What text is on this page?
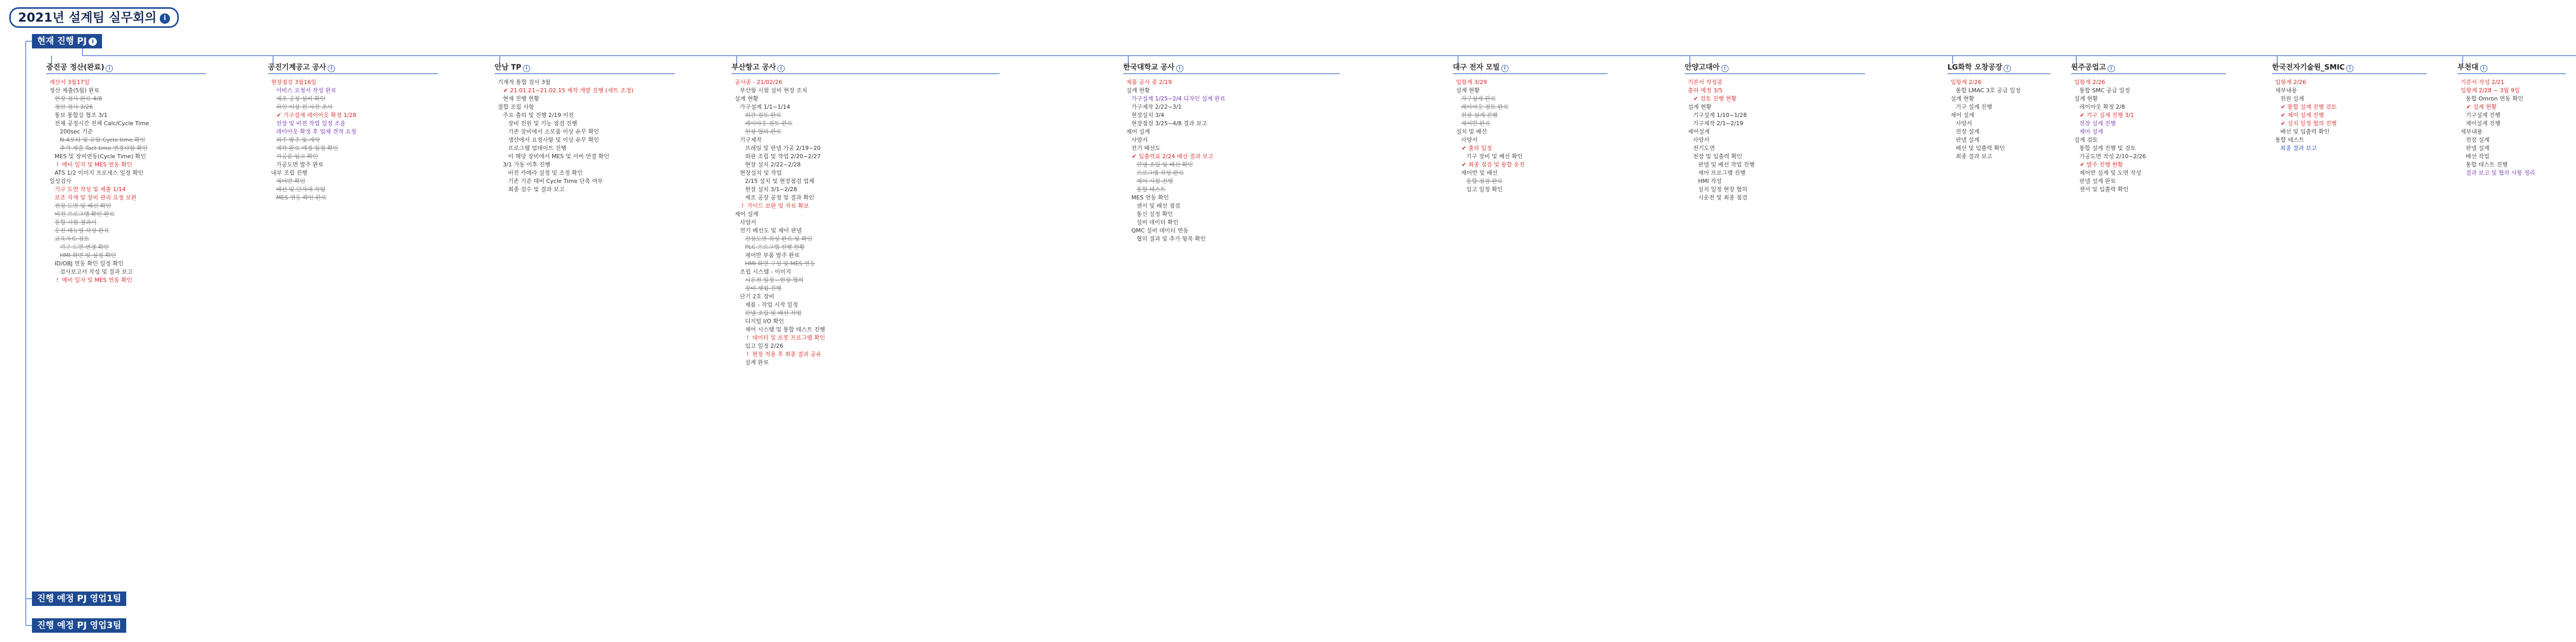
2021년 설계팀 실무회의 i
현재 진행 PJ i
중진공 정산(완료) i
계산서 3월17일
정산 제출(5월) 완료
현장 검사 완료 4/8
정산 검사 3/26
통보 통합실 협조 3/1
전체 공정시간 전체 Calc/Cycle Time
200sec 기준
N-4모터 및 유압 Cycle time 확인
추가 제출 Tact time 변경사항 확인
MES 및 장비연동(Cycle Time) 확인
! 예비 일자 및 MES 연동 확인
ATS 1/2 이미지 프로세스 일정 확인
일상검사
기구 도면 작성 및 제출 1/14
보조 자재 및 장비 관리 요청 보완
전장 도면 및 배선 확인
비전 프로그램 확인 완료
통합 시험 결과서
운전 매뉴얼 작성 완료
교육자료 검토
기구 도면 변경 확인
HMI 화면 및 설정 확인
ID/OBJ 연동 확인 일정 확인
검사보고서 작성 및 결과 보고
! 예비 일자 및 MES 연동 확인
공진기계공고 공사 i
현장점검 3월16일
서비스 요청서 작성 완료
제조 공정 설비 확인
라인 이설 전 사전 조사
✔ 기구설계 레이아웃 확정 1/28
전장 및 비전 작업 일정 조율
레이아웃 확정 후 업체 견적 요청
외주 발주 및 계약
제작 완료 예정 일정 확인
가공품 입고 확인
가공도면 발주 완료
내부 조립 진행
제어반 확인
배선 및 단자대 작업
MES 연동 확인 완료
안남 TP i
기계적 통합 검사 3월
✔ 21.01.21~21.02.15 제작 개발 진행 (세트 조정)
현재 진행 현황
결합 조립 사항
주요 출하 및 진행 2/19 이전
장비 전원 및 기능 점검 진행
기존 장비에서 소모품 이상 유무 확인
생산에서 요청사항 및 이상 유무 확인
프로그램 업데이트 진행
이 해당 장비에서 MES 및 서버 연결 확인
3/1 가동 이후 진행
비전 카메라 설정 및 조정 확인
기존 기준 대비 Cycle Time 단축 여부
최종 검수 및 결과 보고
부산항고 공사 i
공사중 - 21/02/26
부산항 시험 설비 현장 조치
설계 현황
가구설계 1/1~1/14
외관 검토 완료
레이아웃 검토 완료
현장 협의 완료
기구제작
프레임 및 판넬 가공 2/19~20
외관 조립 및 작업 2/20~2/27
현장 설치 2/22~2/28
현장설치 및 작업
2/15 설치 및 현장점검 업체
현장 설치 3/1~2/28
제조 공장 공정 및 결과 확인
! 가이드 보완 및 자료 확보
제어 설계
사양서
전기 배선도 및 제어 판넬
전장도면 작성 완료 및 확인
PLC 프로그램 진행 현황
제어반 부품 발주 완료
HMI 화면 구성 및 MES 연동
조립 시스템 - 이미지
시운전 일정 - 현장 협의
장비 셋업 진행
단기 2호 장비
제품 - 작업 시작 일정
판넬 조립 및 배선 작업
디지털 I/O 확인
제어 시스템 및 통합 테스트 진행
! 데이터 및 로봇 프로그램 확인
입고 일정 2/26
! 현장 적용 후 최종 결과 공유
설계 완료
한국대학교 공사 i
제품 공사 중 2/19
설계 현황
가구설계 1/25~2/4 디자인 설계 완료
가구제작 2/22~3/1
현장설치 3/4
현장점검 3/25~4/8 결과 보고
제어 설계
사양서
전기 배선도
✔ 입출력표 2/24 배선 결과 보고
판넬 조립 및 배선 확인
프로그램 작성 완료
제어 시험 진행
통합 테스트
MES 연동 확인
센서 및 배선 점검
통신 설정 확인
설비 데이터 확인
QMC 설비 데이터 연동
협의 결과 및 추가 항목 확인
대구 전자 모빌 i
입항계 3/29
설계 현황
가구설계 완료
레이아웃 검토 완료
전장 설계 진행
제어반 완료
설치 및 배선
사양서
✔ 출하 일정
기구 장비 및 배선 확인
✔ 최종 점검 및 통합 운전
제어반 및 배선
통합 점검 완료
입고 일정 확인
안양고대아 i
기본서 작성중
출하 예정 3/5
✔ 검토 진행 현황
설계 현황
기구설계 1/10~1/28
기구제작 2/1~2/19
제어설계
사양서
전기도면
전장 및 입출력 확인
판넬 및 배선 작업 진행
제어 프로그램 진행
HMI 작성
설치 일정 현장 협의
시운전 및 최종 점검
LG화학 오창공장 i
입항계 2/26
통합 LMAC 3호 공급 일정
설계 현황
기구 설계 진행
제어 설계
사양서
전장 설계
판넬 설계
배선 및 입출력 확인
최종 결과 보고
원주공업고 i
입항계 2/26
통합 SMC 공급 일정
설계 현황
레이아웃 확정 2/8
✔ 기구 설계 진행 3/1
전장 설계 진행
제어 설계
설계 검토
통합 설계 진행 및 검토
가공도면 작성 2/10~2/26
✔ 발주 진행 현황
제어반 설계 및 도면 작성
판넬 설계 완료
센서 및 입출력 확인
한국전자기술원_SMIC i
입항계 2/26
세부내용
전원 설계
✔ 통합 설계 진행 검토
✔ 제어 설계 진행
✔ 설치 일정 협의 진행
배선 및 입출력 확인
통합 테스트
최종 결과 보고
부천대 i
기본서 작성 2/21
입항계 2/28 ~ 3월 9일
통합 Omron 연동 확인
✔ 설계 현황
기구설계 진행
제어설계 진행
세부내용
전장 설계
판넬 설계
배선 작업
통합 테스트 진행
결과 보고 및 협의 사항 정리
진행 예정 PJ 영업1팀
진행 예정 PJ 영업3팀
